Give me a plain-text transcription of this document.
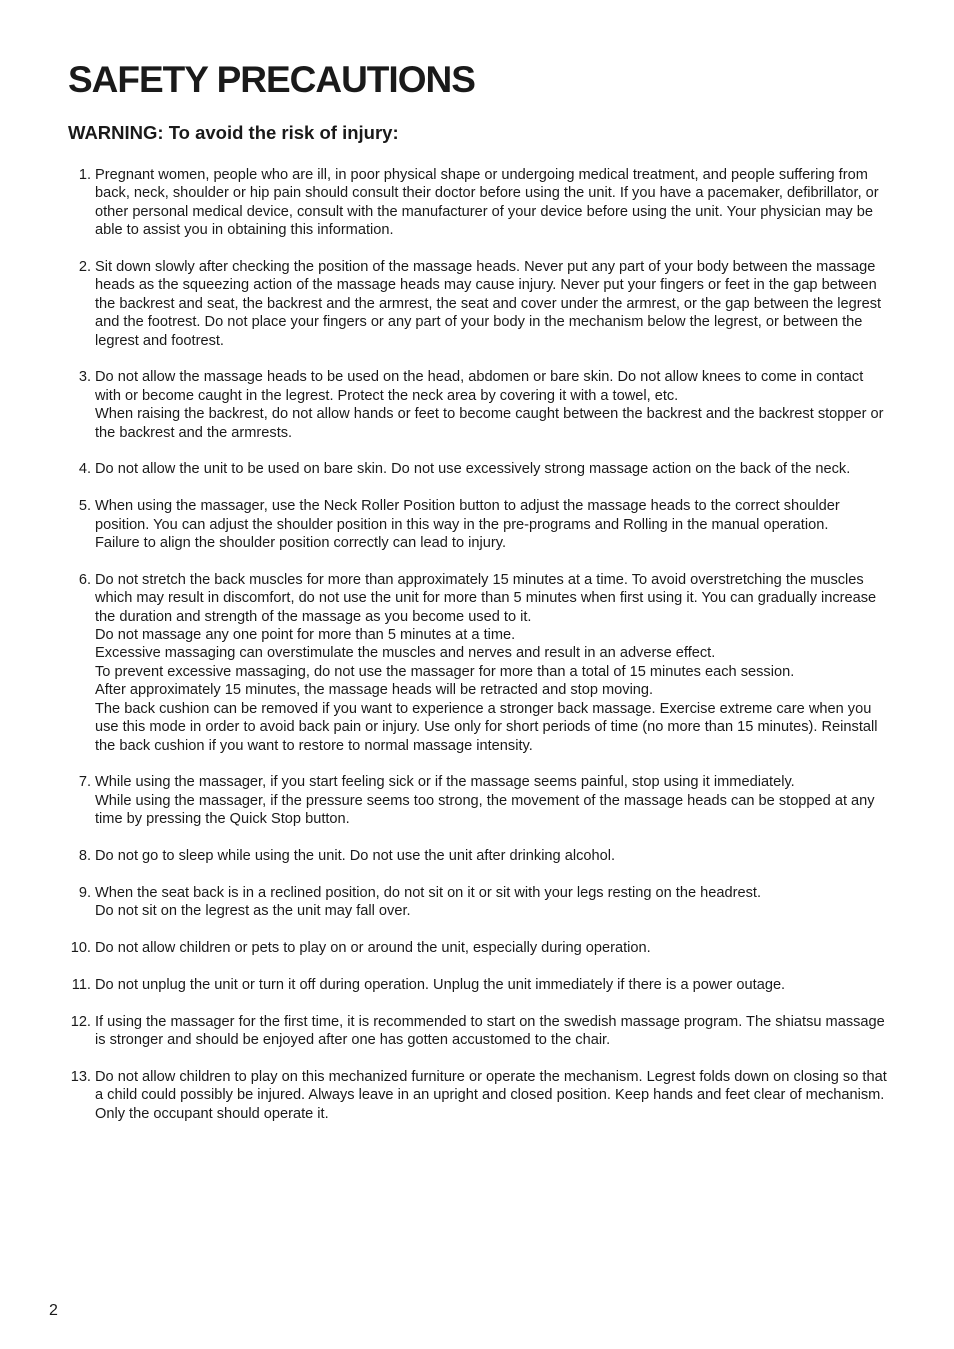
SAFETY PRECAUTIONS
WARNING: To avoid the risk of injury:
1. Pregnant women, people who are ill, in poor physical shape or undergoing medical treatment, and people suffering from back, neck, shoulder or hip pain should consult their doctor before using the unit. If you have a pacemaker, defibrillator, or other personal medical device, consult with the manufacturer of your device before using the unit. Your physician may be able to assist you in obtaining this information.
2. Sit down slowly after checking the position of the massage heads. Never put any part of your body between the massage heads as the squeezing action of the massage heads may cause injury. Never put your fingers or feet in the gap between the backrest and seat, the backrest and the armrest, the seat and cover under the armrest, or the gap between the legrest and the footrest. Do not place your fingers or any part of your body in the mechanism below the legrest, or between the legrest and footrest.
3. Do not allow the massage heads to be used on the head, abdomen or bare skin. Do not allow knees to come in contact with or become caught in the legrest. Protect the neck area by covering it with a towel, etc.
When raising the backrest, do not allow hands or feet to become caught between the backrest and the backrest stopper or the backrest and the armrests.
4. Do not allow the unit to be used on bare skin. Do not use excessively strong massage action on the back of the neck.
5. When using the massager, use the Neck Roller Position button to adjust the massage heads to the correct shoulder position. You can adjust the shoulder position in this way in the pre-programs and Rolling in the manual operation.
Failure to align the shoulder position correctly can lead to injury.
6. Do not stretch the back muscles for more than approximately 15 minutes at a time. To avoid overstretching the muscles which may result in discomfort, do not use the unit for more than 5 minutes when first using it. You can gradually increase the duration and strength of the massage as you become used to it.
Do not massage any one point for more than 5 minutes at a time.
Excessive massaging can overstimulate the muscles and nerves and result in an adverse effect.
To prevent excessive massaging, do not use the massager for more than a total of 15 minutes each session.
After approximately 15 minutes, the massage heads will be retracted and stop moving.
The back cushion can be removed if you want to experience a stronger back massage. Exercise extreme care when you use this mode in order to avoid back pain or injury. Use only for short periods of time (no more than 15 minutes). Reinstall the back cushion if you want to restore to normal massage intensity.
7. While using the massager, if you start feeling sick or if the massage seems painful, stop using it immediately.
While using the massager, if the pressure seems too strong, the movement of the massage heads can be stopped at any time by pressing the Quick Stop button.
8. Do not go to sleep while using the unit. Do not use the unit after drinking alcohol.
9. When the seat back is in a reclined position, do not sit on it or sit with your legs resting on the headrest.
Do not sit on the legrest as the unit may fall over.
10. Do not allow children or pets to play on or around the unit, especially during operation.
11. Do not unplug the unit or turn it off during operation. Unplug the unit immediately if there is a power outage.
12. If using the massager for the first time, it is recommended to start on the swedish massage program. The shiatsu massage is stronger and should be enjoyed after one has gotten accustomed to the chair.
13. Do not allow children to play on this mechanized furniture or operate the mechanism. Legrest folds down on closing so that a child could possibly be injured. Always leave in an upright and closed position. Keep hands and feet clear of mechanism. Only the occupant should operate it.
2
